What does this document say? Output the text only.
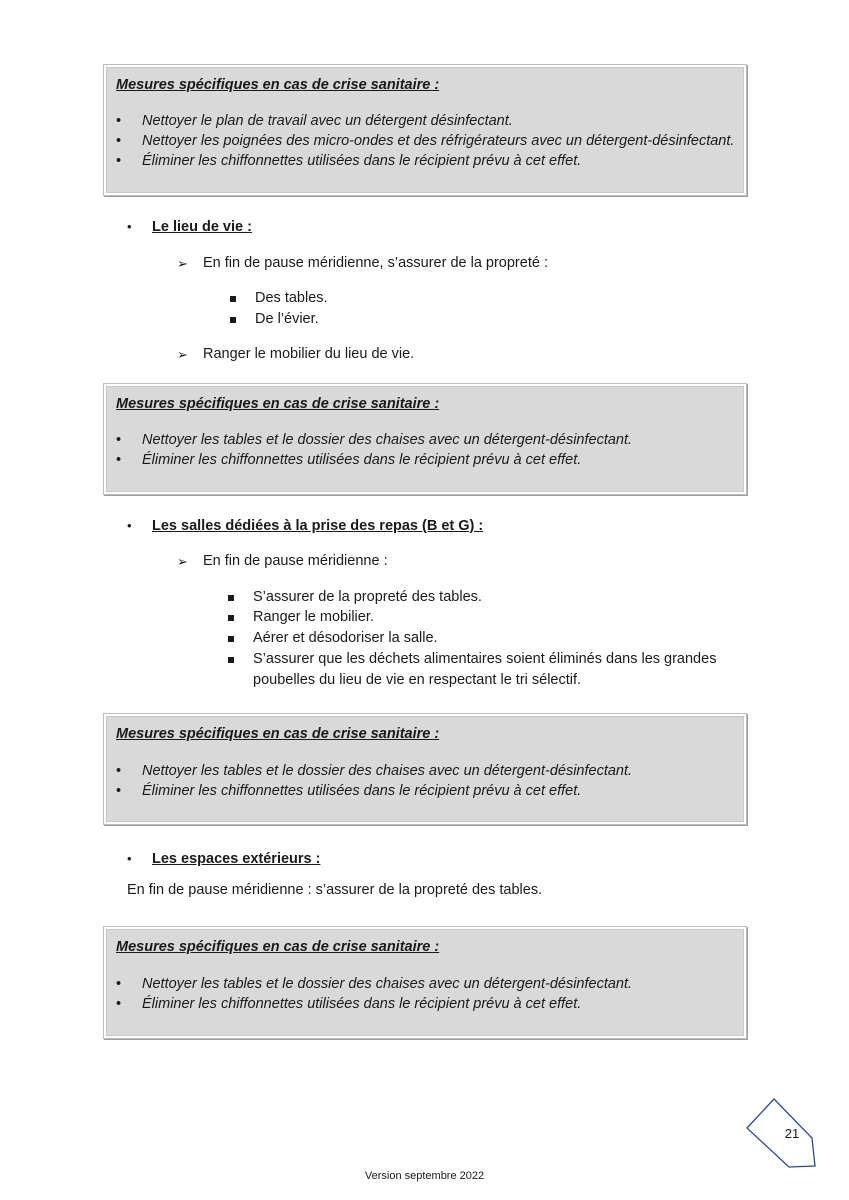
Mesures spécifiques en cas de crise sanitaire :
• Nettoyer le plan de travail avec un détergent désinfectant.
• Nettoyer les poignées des micro-ondes et des réfrigérateurs avec un détergent-désinfectant.
• Éliminer les chiffonnettes utilisées dans le récipient prévu à cet effet.
• Le lieu de vie :
➢ En fin de pause méridienne, s’assurer de la propreté :
Des tables.
De l’évier.
➢ Ranger le mobilier du lieu de vie.
Mesures spécifiques en cas de crise sanitaire :
• Nettoyer les tables et le dossier des chaises avec un détergent-désinfectant.
• Éliminer les chiffonnettes utilisées dans le récipient prévu à cet effet.
• Les salles dédiées à la prise des repas (B et G) :
➢ En fin de pause méridienne :
S’assurer de la propreté des tables.
Ranger le mobilier.
Aérer et désodoriser la salle.
S’assurer que les déchets alimentaires soient éliminés dans les grandes
poubelles du lieu de vie en respectant le tri sélectif.
Mesures spécifiques en cas de crise sanitaire :
• Nettoyer les tables et le dossier des chaises avec un détergent-désinfectant.
• Éliminer les chiffonnettes utilisées dans le récipient prévu à cet effet.
• Les espaces extérieurs :
En fin de pause méridienne : s’assurer de la propreté des tables.
Mesures spécifiques en cas de crise sanitaire :
• Nettoyer les tables et le dossier des chaises avec un détergent-désinfectant.
• Éliminer les chiffonnettes utilisées dans le récipient prévu à cet effet.
21
Version septembre 2022
